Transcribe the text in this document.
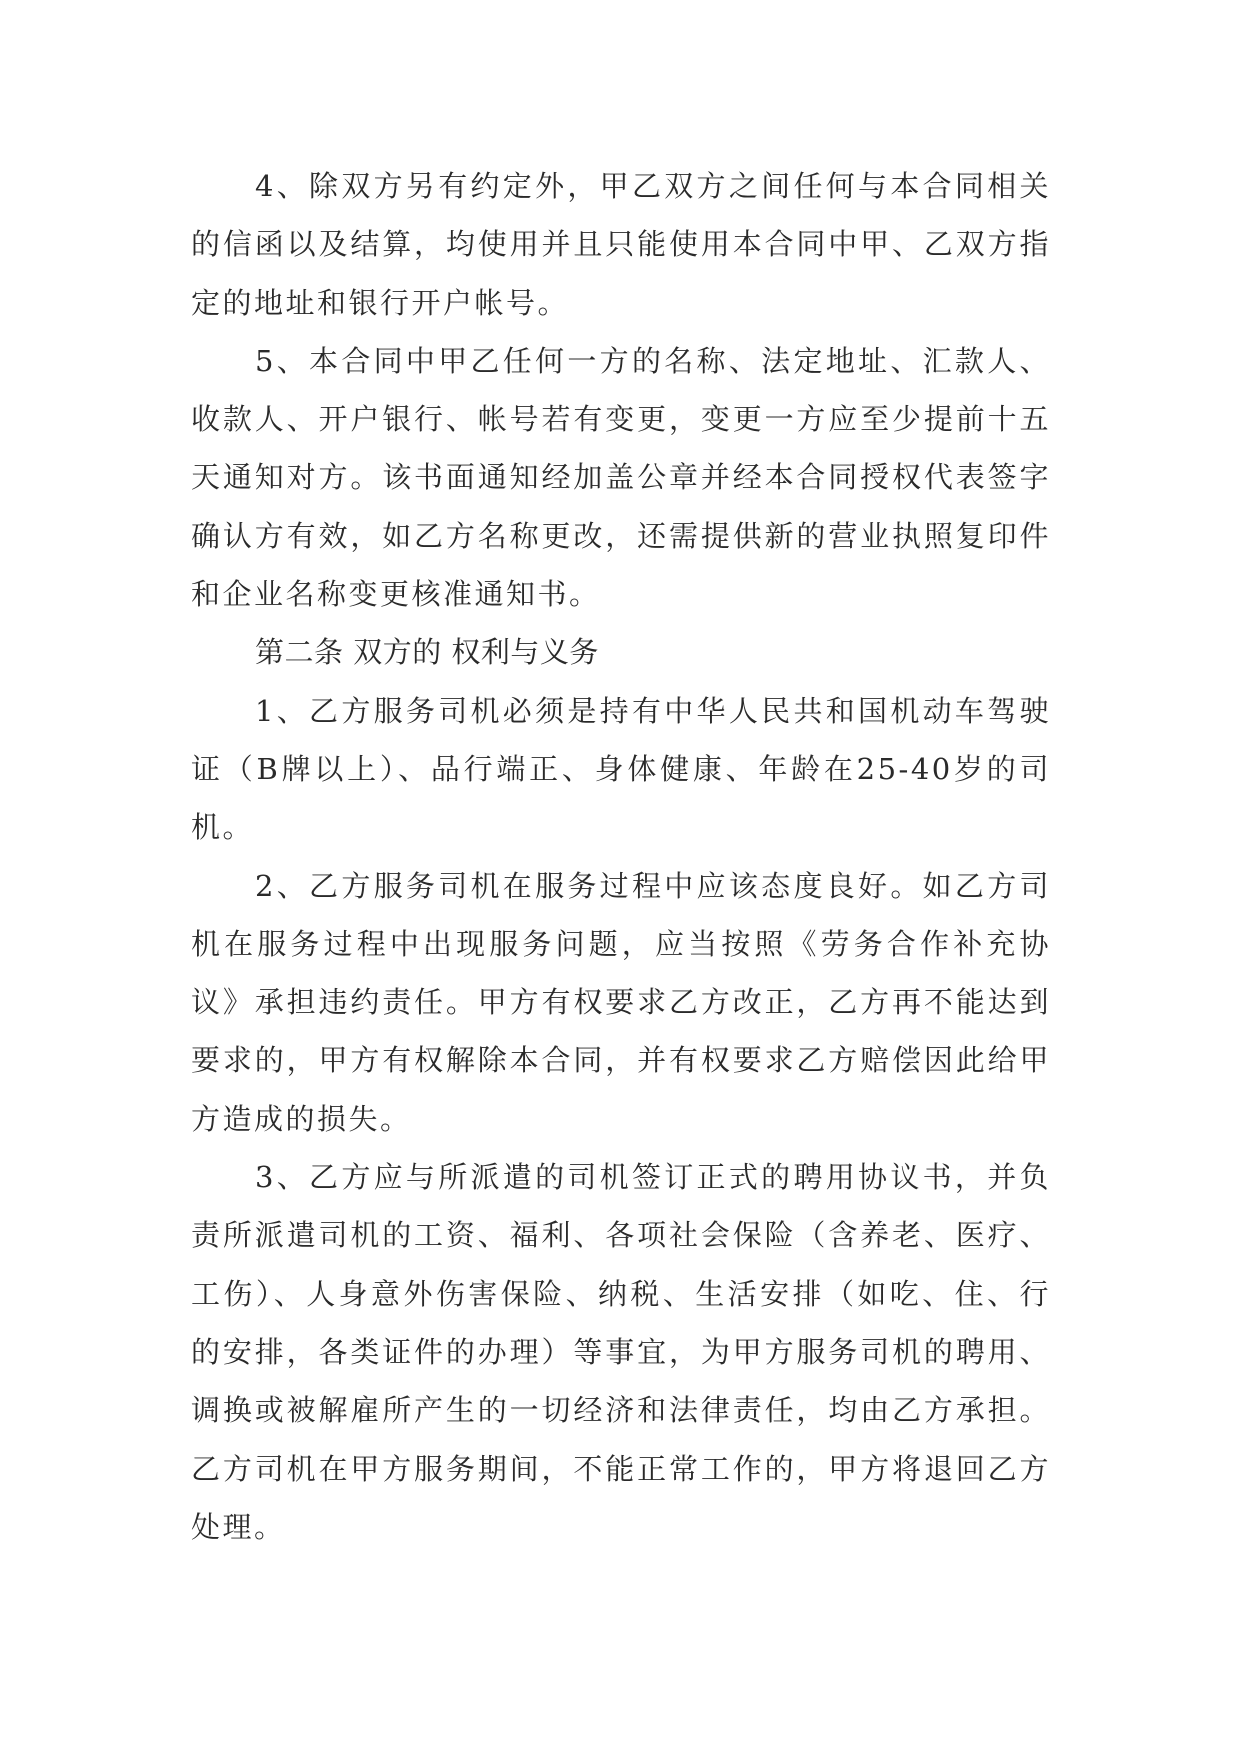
4、除双方另有约定外，甲乙双方之间任何与本合同相关的信函以及结算，均使用并且只能使用本合同中甲、乙双方指定的地址和银行开户帐号。

5、本合同中甲乙任何一方的名称、法定地址、汇款人、收款人、开户银行、帐号若有变更，变更一方应至少提前十五天通知对方。该书面通知经加盖公章并经本合同授权代表签字确认方有效，如乙方名称更改，还需提供新的营业执照复印件和企业名称变更核准通知书。

第二条 双方的 权利与义务

1、乙方服务司机必须是持有中华人民共和国机动车驾驶证（B牌以上）、品行端正、身体健康、年龄在25-40岁的司机。

2、乙方服务司机在服务过程中应该态度良好。如乙方司机在服务过程中出现服务问题，应当按照《劳务合作补充协议》承担违约责任。甲方有权要求乙方改正，乙方再不能达到要求的，甲方有权解除本合同，并有权要求乙方赔偿因此给甲方造成的损失。

3、乙方应与所派遣的司机签订正式的聘用协议书，并负责所派遣司机的工资、福利、各项社会保险（含养老、医疗、工伤）、人身意外伤害保险、纳税、生活安排（如吃、住、行的安排，各类证件的办理）等事宜，为甲方服务司机的聘用、调换或被解雇所产生的一切经济和法律责任，均由乙方承担。乙方司机在甲方服务期间，不能正常工作的，甲方将退回乙方处理。
